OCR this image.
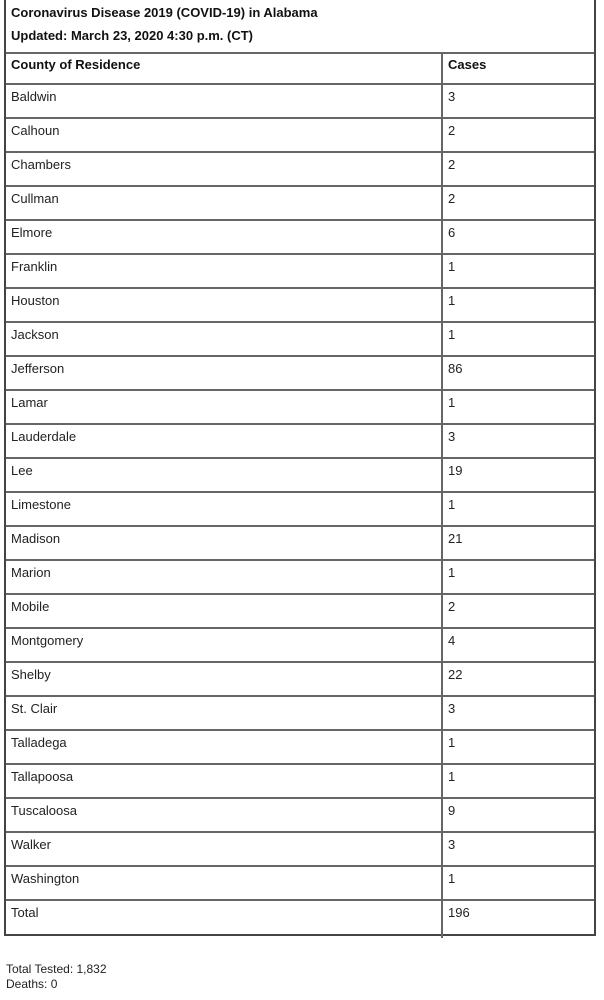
Coronavirus Disease 2019 (COVID-19) in Alabama
Updated: March 23, 2020 4:30 p.m. (CT)
County of Residence	Cases
Baldwin	3
Calhoun	2
Chambers	2
Cullman	2
Elmore	6
Franklin	1
Houston	1
Jackson	1
Jefferson	86
Lamar	1
Lauderdale	3
Lee	19
Limestone	1
Madison	21
Marion	1
Mobile	2
Montgomery	4
Shelby	22
St. Clair	3
Talladega	1
Tallapoosa	1
Tuscaloosa	9
Walker	3
Washington	1
Total	196
Total Tested: 1,832
Deaths: 0
